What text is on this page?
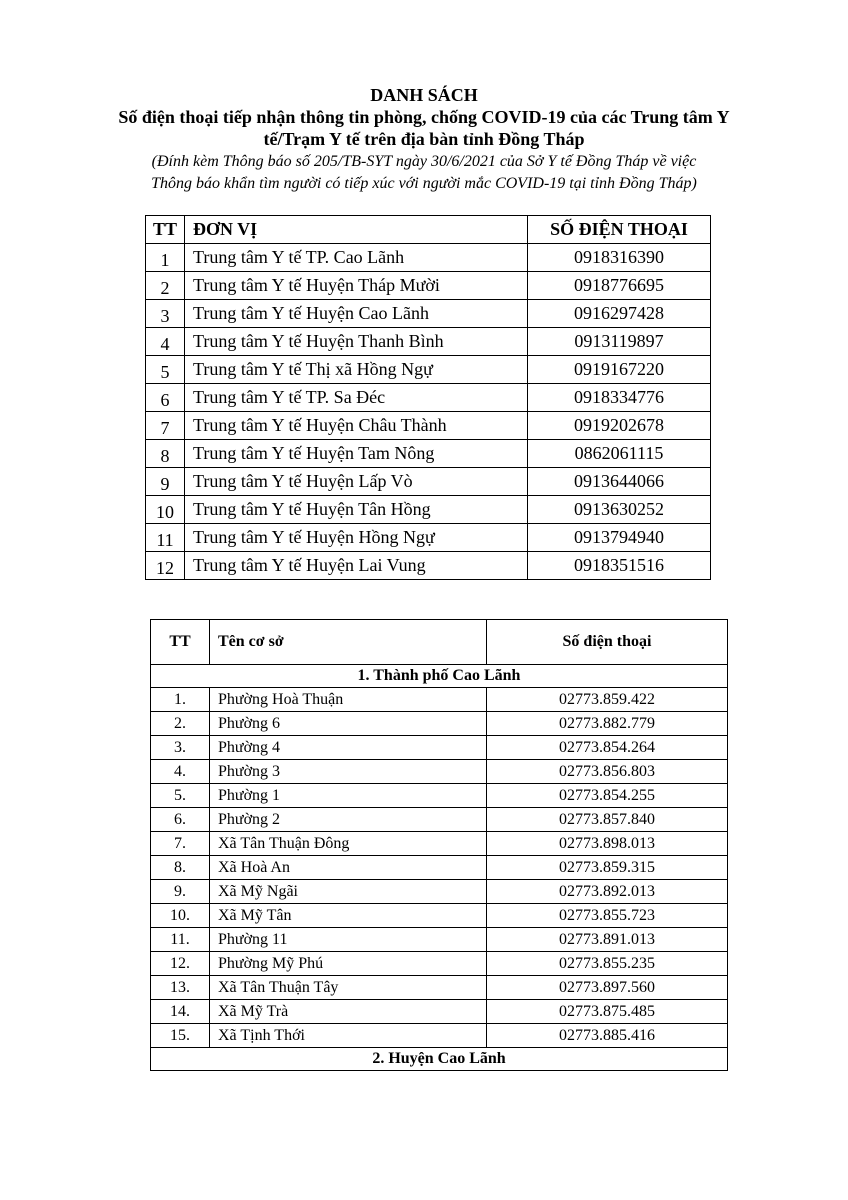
DANH SÁCH
Số điện thoại tiếp nhận thông tin phòng, chống COVID-19 của các Trung tâm Y
tế/Trạm Y tế trên địa bàn tỉnh Đồng Tháp
(Đính kèm Thông báo số 205/TB-SYT ngày 30/6/2021 của Sở Y tế Đồng Tháp về việc
Thông báo khẩn tìm người có tiếp xúc với người mắc COVID-19 tại tỉnh Đồng Tháp)
TT	ĐƠN VỊ	SỐ ĐIỆN THOẠI
1	Trung tâm Y tế TP. Cao Lãnh	0918316390
2	Trung tâm Y tế Huyện Tháp Mười	0918776695
3	Trung tâm Y tế Huyện Cao Lãnh	0916297428
4	Trung tâm Y tế Huyện Thanh Bình	0913119897
5	Trung tâm Y tế Thị xã Hồng Ngự	0919167220
6	Trung tâm Y tế TP. Sa Đéc	0918334776
7	Trung tâm Y tế Huyện Châu Thành	0919202678
8	Trung tâm Y tế Huyện Tam Nông	0862061115
9	Trung tâm Y tế Huyện Lấp Vò	0913644066
10	Trung tâm Y tế Huyện Tân Hồng	0913630252
11	Trung tâm Y tế Huyện Hồng Ngự	0913794940
12	Trung tâm Y tế Huyện Lai Vung	0918351516
TT	Tên cơ sở	Số điện thoại
1. Thành phố Cao Lãnh		
1.	Phường Hoà Thuận	02773.859.422
2.	Phường 6	02773.882.779
3.	Phường 4	02773.854.264
4.	Phường 3	02773.856.803
5.	Phường 1	02773.854.255
6.	Phường 2	02773.857.840
7.	Xã Tân Thuận Đông	02773.898.013
8.	Xã Hoà An	02773.859.315
9.	Xã Mỹ Ngãi	02773.892.013
10.	Xã Mỹ Tân	02773.855.723
11.	Phường 11	02773.891.013
12.	Phường Mỹ Phú	02773.855.235
13.	Xã Tân Thuận Tây	02773.897.560
14.	Xã Mỹ Trà	02773.875.485
15.	Xã Tịnh Thới	02773.885.416
2. Huyện Cao Lãnh		
